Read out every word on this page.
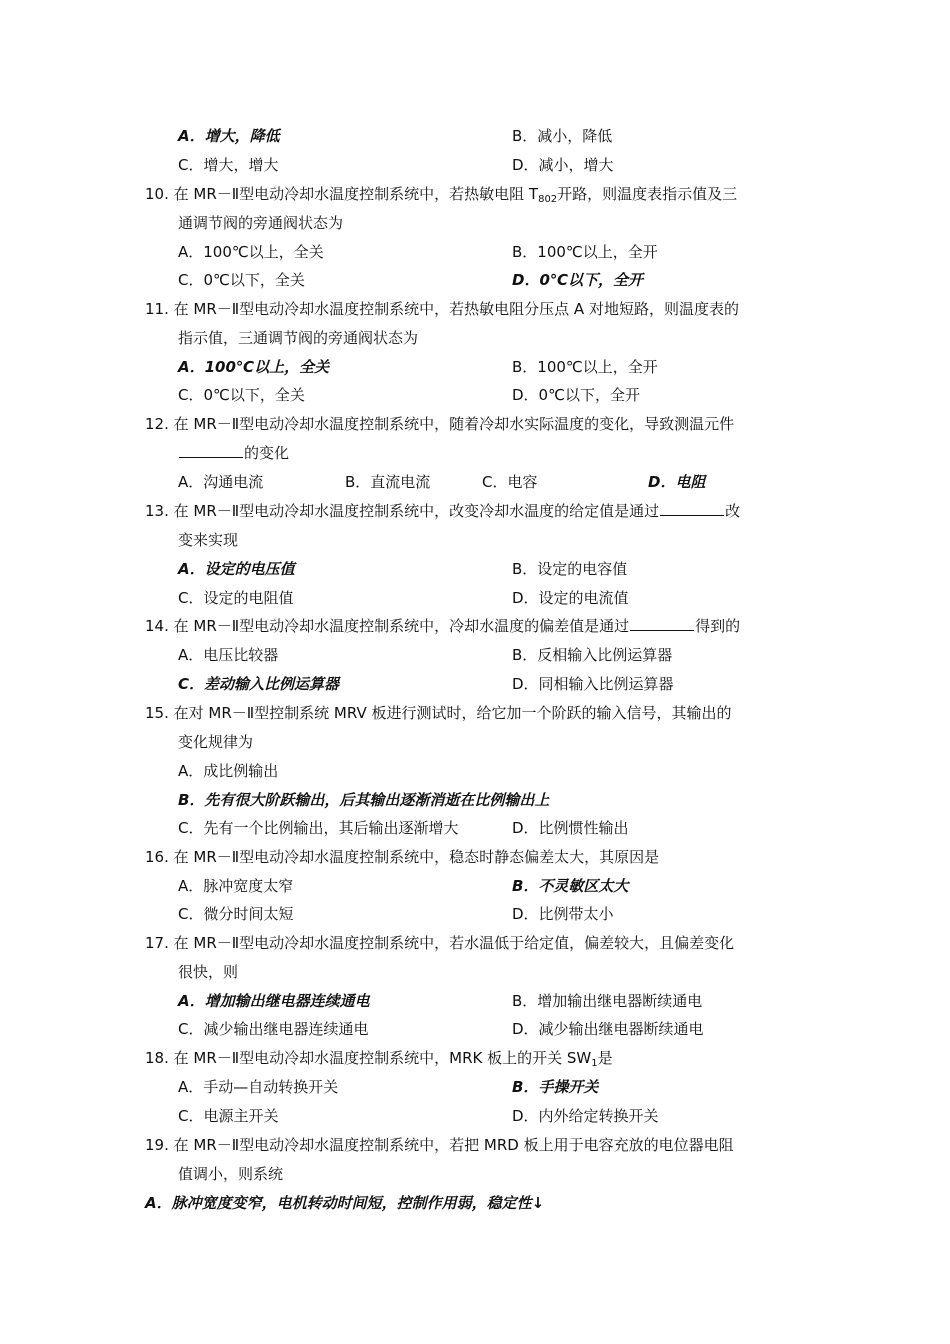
A．增大，降低	B．减小，降低
C．增大，增大	D．减小，增大
10. 在 MR－Ⅱ型电动冷却水温度控制系统中，若热敏电阻 $T_{802}$开路，则温度表指示值及三
通调节阀的旁通阀状态为
A．100℃以上，全关	B．100℃以上，全开
C．0℃以下，全关	D．0℃以下，全开
11. 在 MR－Ⅱ型电动冷却水温度控制系统中，若热敏电阻分压点 A 对地短路，则温度表的
指示值，三通调节阀的旁通阀状态为
A．100℃以上，全关	B．100℃以上，全开
C．0℃以下，全关	D．0℃以下，全开
12. 在 MR－Ⅱ型电动冷却水温度控制系统中，随着冷却水实际温度的变化，导致测温元件
的变化
A．沟通电流	B．直流电流	C．电容	D．电阻
13. 在 MR－Ⅱ型电动冷却水温度控制系统中，改变冷却水温度的给定值是通过	改
变来实现
A．设定的电压值	B．设定的电容值
C．设定的电阻值	D．设定的电流值
14. 在 MR－Ⅱ型电动冷却水温度控制系统中，冷却水温度的偏差值是通过	得到的
A．电压比较器	B．反相输入比例运算器
C．差动输入比例运算器	D．同相输入比例运算器
15. 在对 MR－Ⅱ型控制系统 MRV 板进行测试时，给它加一个阶跃的输入信号，其输出的
变化规律为
A．成比例输出
B．先有很大阶跃输出，后其输出逐渐消逝在比例输出上
C．先有一个比例输出，其后输出逐渐增大	D．比例惯性输出
16. 在 MR－Ⅱ型电动冷却水温度控制系统中，稳态时静态偏差太大，其原因是
A．脉冲宽度太窄	B．不灵敏区太大
C．微分时间太短	D．比例带太小
17. 在 MR－Ⅱ型电动冷却水温度控制系统中，若水温低于给定值，偏差较大，且偏差变化
很快，则
A．增加输出继电器连续通电	B．增加输出继电器断续通电
C．减少输出继电器连续通电	D．减少输出继电器断续通电
18. 在 MR－Ⅱ型电动冷却水温度控制系统中，MRK 板上的开关 $SW_1$是
A．手动—自动转换开关	B．手操开关
C．电源主开关	D．内外给定转换开关
19. 在 MR－Ⅱ型电动冷却水温度控制系统中，若把 MRD 板上用于电容充放的电位器电阻
值调小，则系统
A．脉冲宽度变窄，电机转动时间短，控制作用弱，稳定性↓
